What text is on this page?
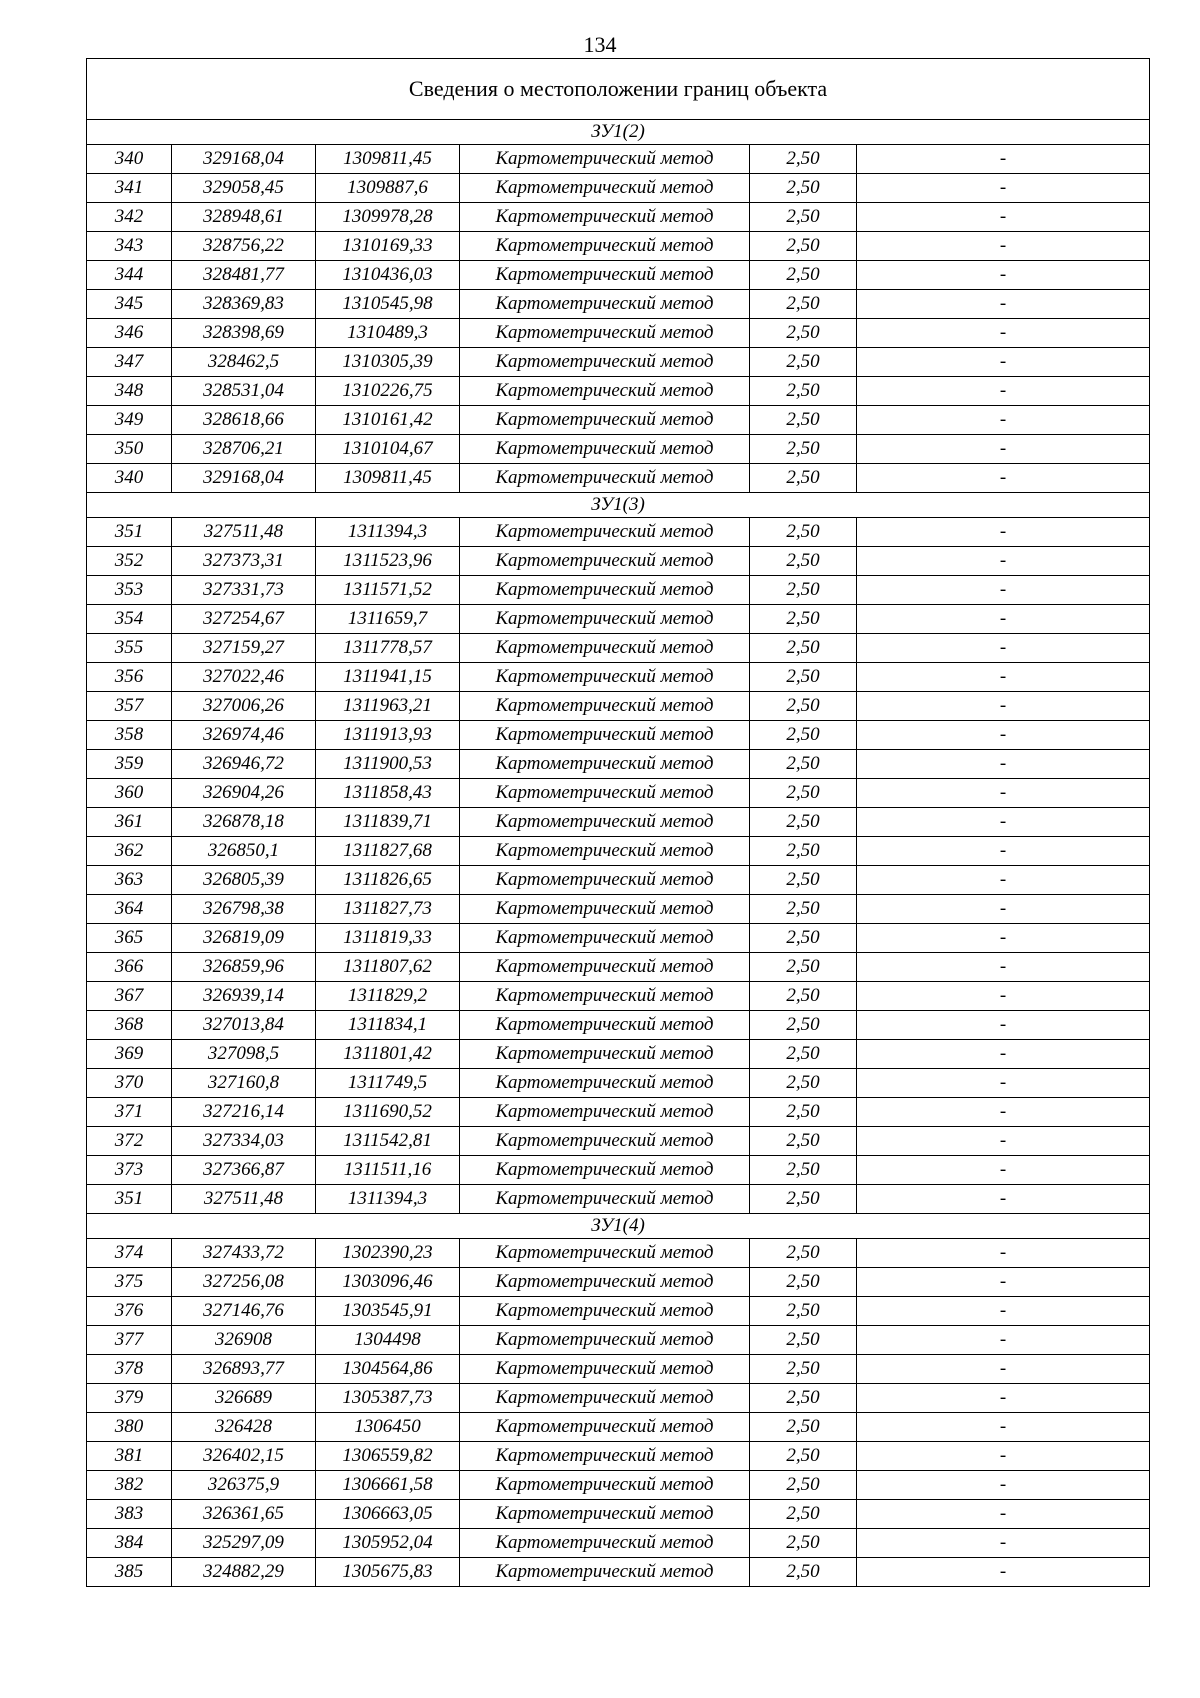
134
Сведения о местоположении границ объекта					
ЗУ1(2)					
340	329168,04	1309811,45	Картометрический метод	2,50	-
341	329058,45	1309887,6	Картометрический метод	2,50	-
342	328948,61	1309978,28	Картометрический метод	2,50	-
343	328756,22	1310169,33	Картометрический метод	2,50	-
344	328481,77	1310436,03	Картометрический метод	2,50	-
345	328369,83	1310545,98	Картометрический метод	2,50	-
346	328398,69	1310489,3	Картометрический метод	2,50	-
347	328462,5	1310305,39	Картометрический метод	2,50	-
348	328531,04	1310226,75	Картометрический метод	2,50	-
349	328618,66	1310161,42	Картометрический метод	2,50	-
350	328706,21	1310104,67	Картометрический метод	2,50	-
340	329168,04	1309811,45	Картометрический метод	2,50	-
ЗУ1(3)					
351	327511,48	1311394,3	Картометрический метод	2,50	-
352	327373,31	1311523,96	Картометрический метод	2,50	-
353	327331,73	1311571,52	Картометрический метод	2,50	-
354	327254,67	1311659,7	Картометрический метод	2,50	-
355	327159,27	1311778,57	Картометрический метод	2,50	-
356	327022,46	1311941,15	Картометрический метод	2,50	-
357	327006,26	1311963,21	Картометрический метод	2,50	-
358	326974,46	1311913,93	Картометрический метод	2,50	-
359	326946,72	1311900,53	Картометрический метод	2,50	-
360	326904,26	1311858,43	Картометрический метод	2,50	-
361	326878,18	1311839,71	Картометрический метод	2,50	-
362	326850,1	1311827,68	Картометрический метод	2,50	-
363	326805,39	1311826,65	Картометрический метод	2,50	-
364	326798,38	1311827,73	Картометрический метод	2,50	-
365	326819,09	1311819,33	Картометрический метод	2,50	-
366	326859,96	1311807,62	Картометрический метод	2,50	-
367	326939,14	1311829,2	Картометрический метод	2,50	-
368	327013,84	1311834,1	Картометрический метод	2,50	-
369	327098,5	1311801,42	Картометрический метод	2,50	-
370	327160,8	1311749,5	Картометрический метод	2,50	-
371	327216,14	1311690,52	Картометрический метод	2,50	-
372	327334,03	1311542,81	Картометрический метод	2,50	-
373	327366,87	1311511,16	Картометрический метод	2,50	-
351	327511,48	1311394,3	Картометрический метод	2,50	-
ЗУ1(4)					
374	327433,72	1302390,23	Картометрический метод	2,50	-
375	327256,08	1303096,46	Картометрический метод	2,50	-
376	327146,76	1303545,91	Картометрический метод	2,50	-
377	326908	1304498	Картометрический метод	2,50	-
378	326893,77	1304564,86	Картометрический метод	2,50	-
379	326689	1305387,73	Картометрический метод	2,50	-
380	326428	1306450	Картометрический метод	2,50	-
381	326402,15	1306559,82	Картометрический метод	2,50	-
382	326375,9	1306661,58	Картометрический метод	2,50	-
383	326361,65	1306663,05	Картометрический метод	2,50	-
384	325297,09	1305952,04	Картометрический метод	2,50	-
385	324882,29	1305675,83	Картометрический метод	2,50	-
